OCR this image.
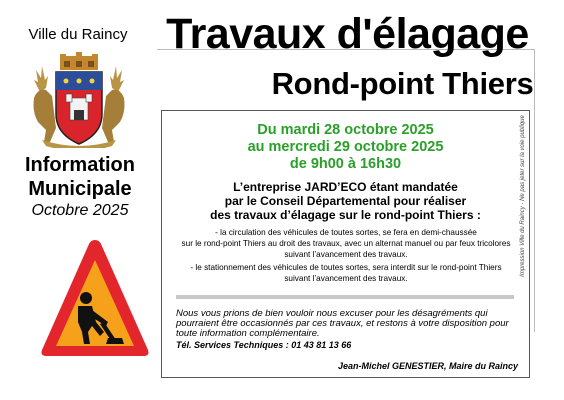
Ville du Raincy Travaux d'élagage
Rond-point Thiers
Information
Municipale
Octobre 2025
Du mardi 28 octobre 2025
au mercredi 29 octobre 2025
de 9h00 à 16h30
L’entreprise JARD’ECO étant mandatée
par le Conseil Départemental pour réaliser
des travaux d’élagage sur le rond-point Thiers :
- la circulation des véhicules de toutes sortes, se fera en demi-chaussée
sur le rond-point Thiers au droit des travaux, avec un alternat manuel ou par feux tricolores
suivant l’avancement des travaux.
- le stationnement des véhicules de toutes sortes, sera interdit sur le rond-point Thiers
suivant l’avancement des travaux.
Nous vous prions de bien vouloir nous excuser pour les désagréments qui
pourraient être occasionnés par ces travaux, et restons à votre disposition pour
toute information complémentaire.
Tél. Services Techniques : 01 43 81 13 66
Jean-Michel GENESTIER, Maire du Raincy
Impression Ville du Raincy - Ne pas jeter sur la voie publique
